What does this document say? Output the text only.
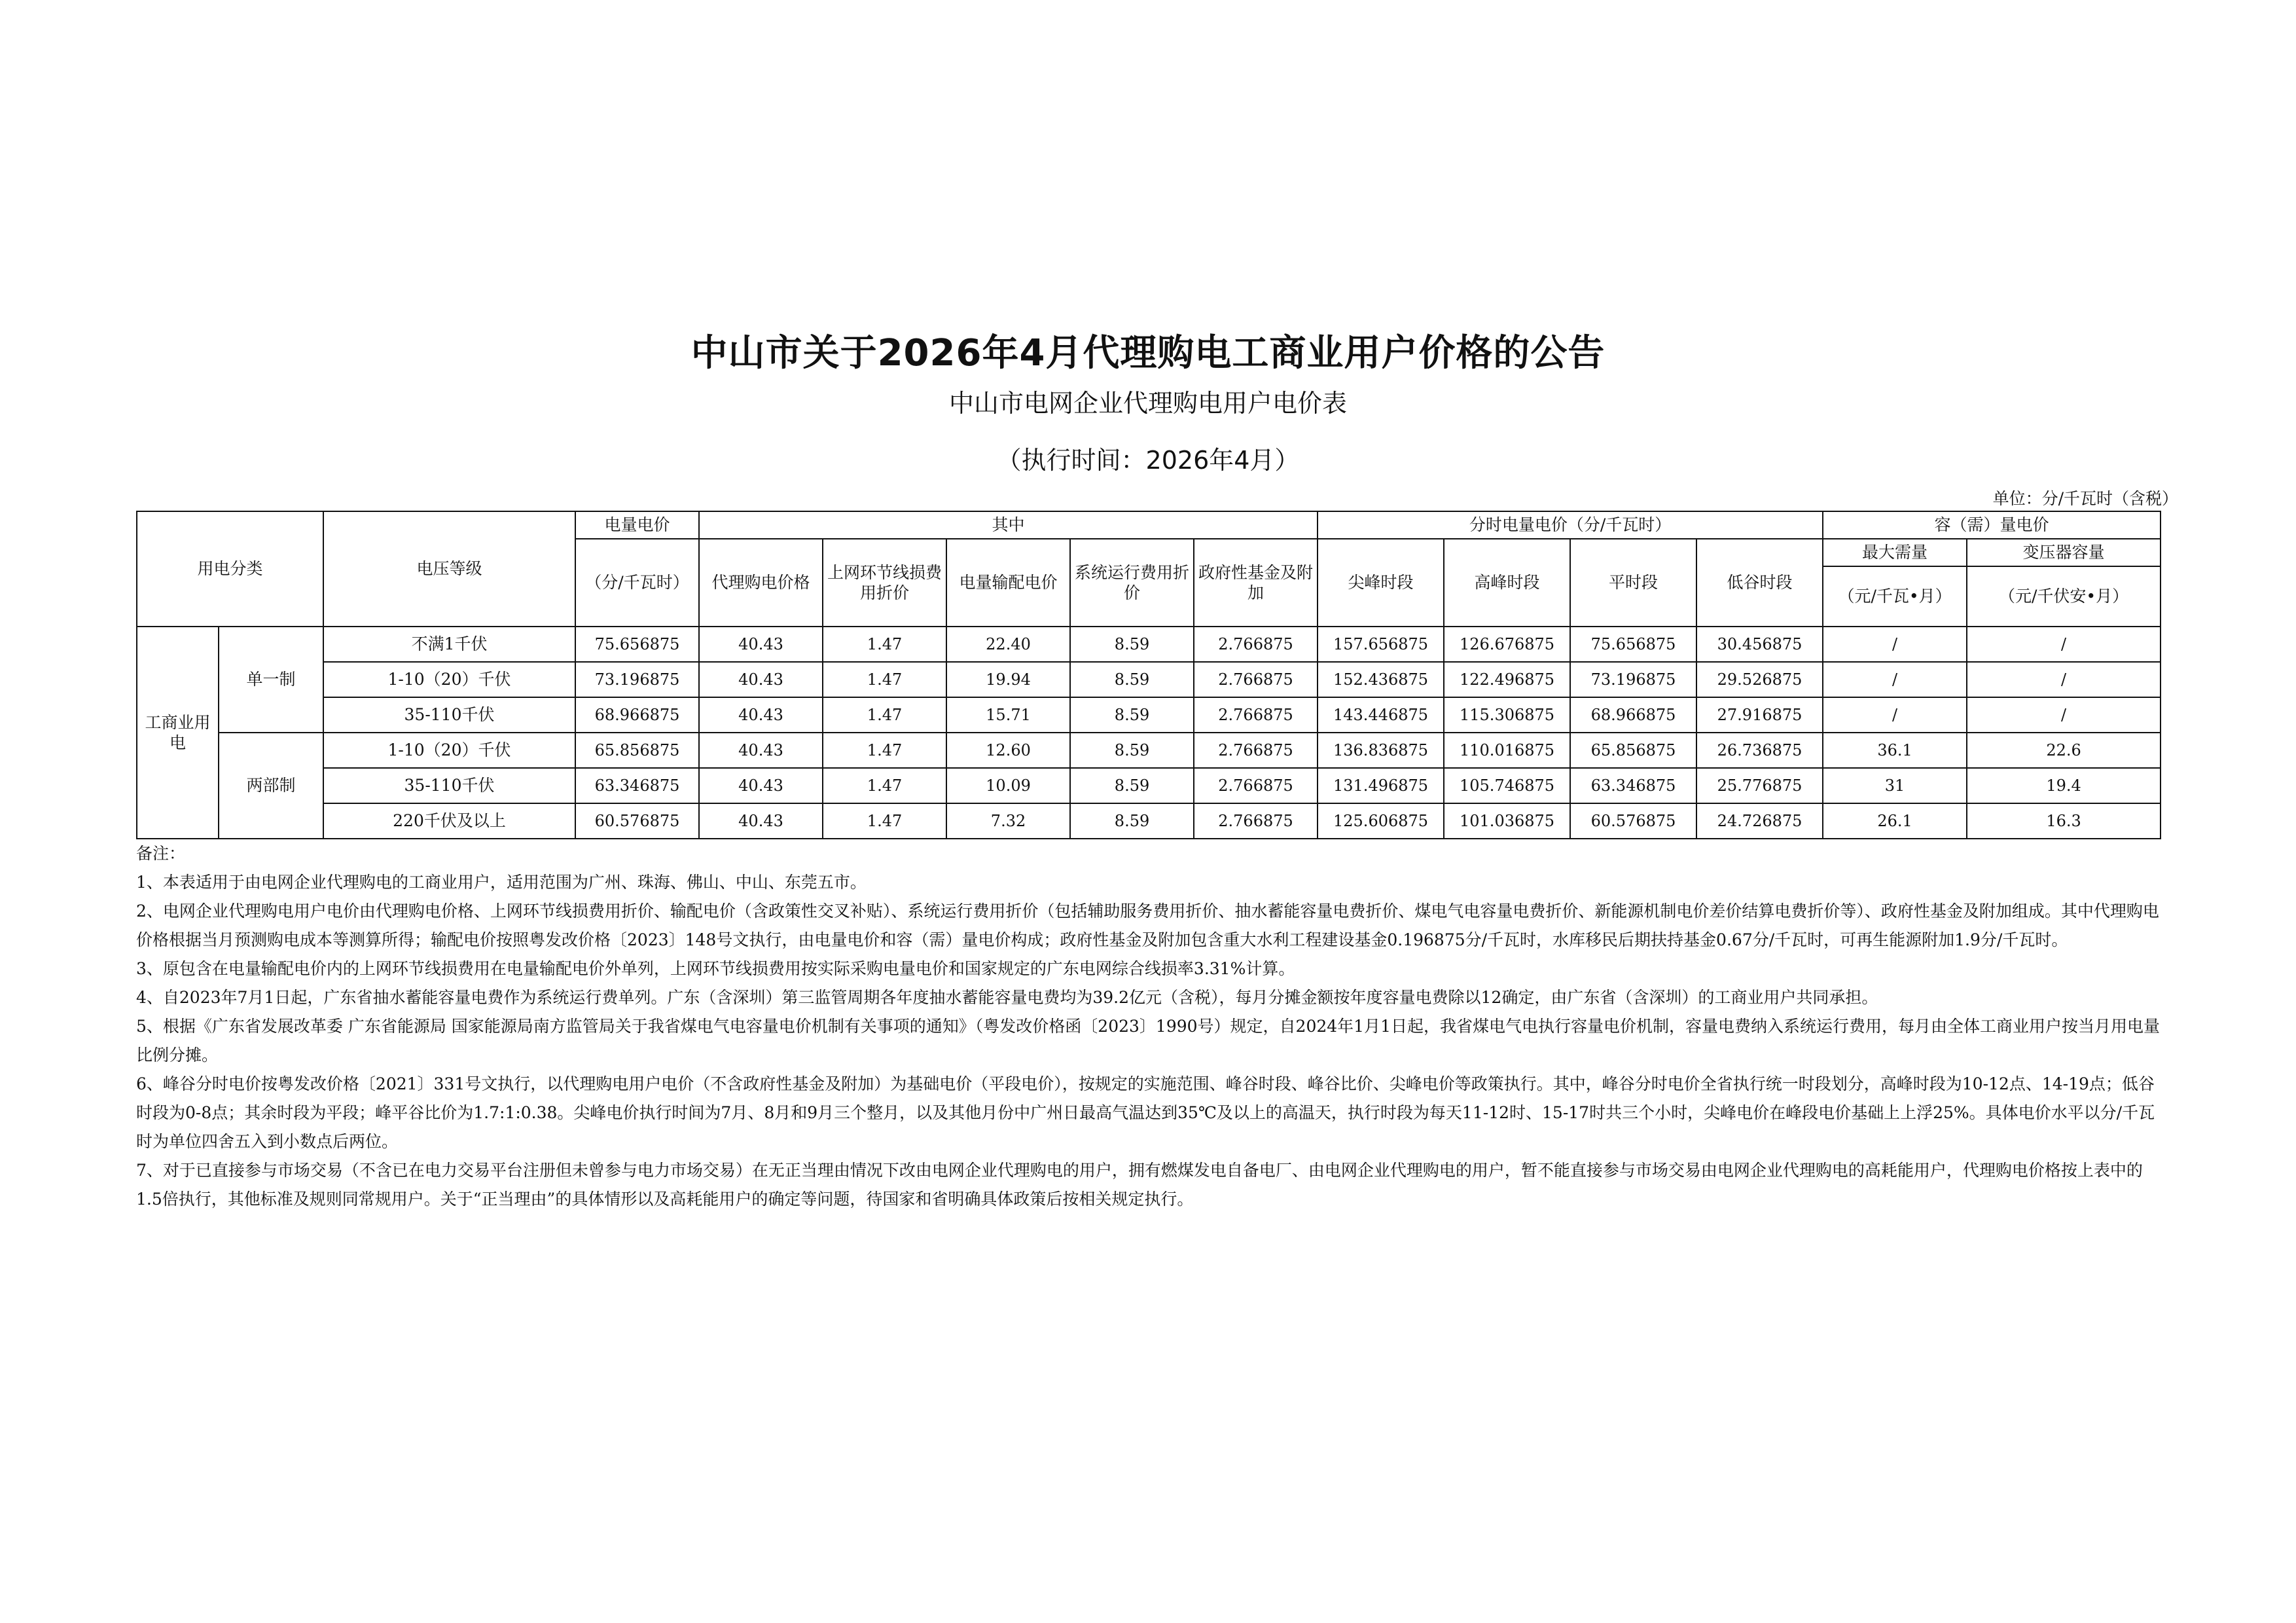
中山市关于2026年4月代理购电工商业用户价格的公告
中山市电网企业代理购电用户电价表
（执行时间：2026年4月）
单位：分/千瓦时（含税）
用电分类		电压等级	电量电价	其中					分时电量电价（分/千瓦时）				容（需）量电价	
			（分/千瓦时）	代理购电价格	上网环节线损费用折价	电量输配电价	系统运行费用折价	政府性基金及附加	尖峰时段	高峰时段	平时段	低谷时段	最大需量	变压器容量
													（元/千瓦•月）	（元/千伏安•月）
工商业用电	单一制	不满1千伏	75.656875	40.43	1.47	22.40	8.59	2.766875	157.656875	126.676875	75.656875	30.456875	/	/
		1-10（20）千伏	73.196875	40.43	1.47	19.94	8.59	2.766875	152.436875	122.496875	73.196875	29.526875	/	/
		35-110千伏	68.966875	40.43	1.47	15.71	8.59	2.766875	143.446875	115.306875	68.966875	27.916875	/	/
	两部制	1-10（20）千伏	65.856875	40.43	1.47	12.60	8.59	2.766875	136.836875	110.016875	65.856875	26.736875	36.1	22.6
		35-110千伏	63.346875	40.43	1.47	10.09	8.59	2.766875	131.496875	105.746875	63.346875	25.776875	31	19.4
		220千伏及以上	60.576875	40.43	1.47	7.32	8.59	2.766875	125.606875	101.036875	60.576875	24.726875	26.1	16.3

备注：

1、本表适用于由电网企业代理购电的工商业用户，适用范围为广州、珠海、佛山、中山、东莞五市。

2、电网企业代理购电用户电价由代理购电价格、上网环节线损费用折价、输配电价（含政策性交叉补贴）、系统运行费用折价（包括辅助服务费用折价、抽水蓄能容量电费折价、煤电气电容量电费折价、新能源机制电价差价结算电费折价等）、政府性基金及附加组成。其中代理购电价格根据当月预测购电成本等测算所得；输配电价按照粤发改价格〔2023〕148号文执行，由电量电价和容（需）量电价构成；政府性基金及附加包含重大水利工程建设基金0.196875分/千瓦时，水库移民后期扶持基金0.67分/千瓦时，可再生能源附加1.9分/千瓦时。

3、原包含在电量输配电价内的上网环节线损费用在电量输配电价外单列，上网环节线损费用按实际采购电量电价和国家规定的广东电网综合线损率3.31%计算。

4、自2023年7月1日起，广东省抽水蓄能容量电费作为系统运行费单列。广东（含深圳）第三监管周期各年度抽水蓄能容量电费均为39.2亿元（含税），每月分摊金额按年度容量电费除以12确定，由广东省（含深圳）的工商业用户共同承担。

5、根据《广东省发展改革委 广东省能源局 国家能源局南方监管局关于我省煤电气电容量电价机制有关事项的通知》（粤发改价格函〔2023〕1990号）规定，自2024年1月1日起，我省煤电气电执行容量电价机制，容量电费纳入系统运行费用，每月由全体工商业用户按当月用电量比例分摊。

6、峰谷分时电价按粤发改价格〔2021〕331号文执行，以代理购电用户电价（不含政府性基金及附加）为基础电价（平段电价），按规定的实施范围、峰谷时段、峰谷比价、尖峰电价等政策执行。其中，峰谷分时电价全省执行统一时段划分，高峰时段为10-12点、14-19点；低谷时段为0-8点；其余时段为平段；峰平谷比价为1.7:1:0.38。尖峰电价执行时间为7月、8月和9月三个整月，以及其他月份中广州日最高气温达到35℃及以上的高温天，执行时段为每天11-12时、15-17时共三个小时，尖峰电价在峰段电价基础上上浮25%。具体电价水平以分/千瓦时为单位四舍五入到小数点后两位。

7、对于已直接参与市场交易（不含已在电力交易平台注册但未曾参与电力市场交易）在无正当理由情况下改由电网企业代理购电的用户，拥有燃煤发电自备电厂、由电网企业代理购电的用户，暂不能直接参与市场交易由电网企业代理购电的高耗能用户，代理购电价格按上表中的1.5倍执行，其他标准及规则同常规用户。关于“正当理由”的具体情形以及高耗能用户的确定等问题，待国家和省明确具体政策后按相关规定执行。
